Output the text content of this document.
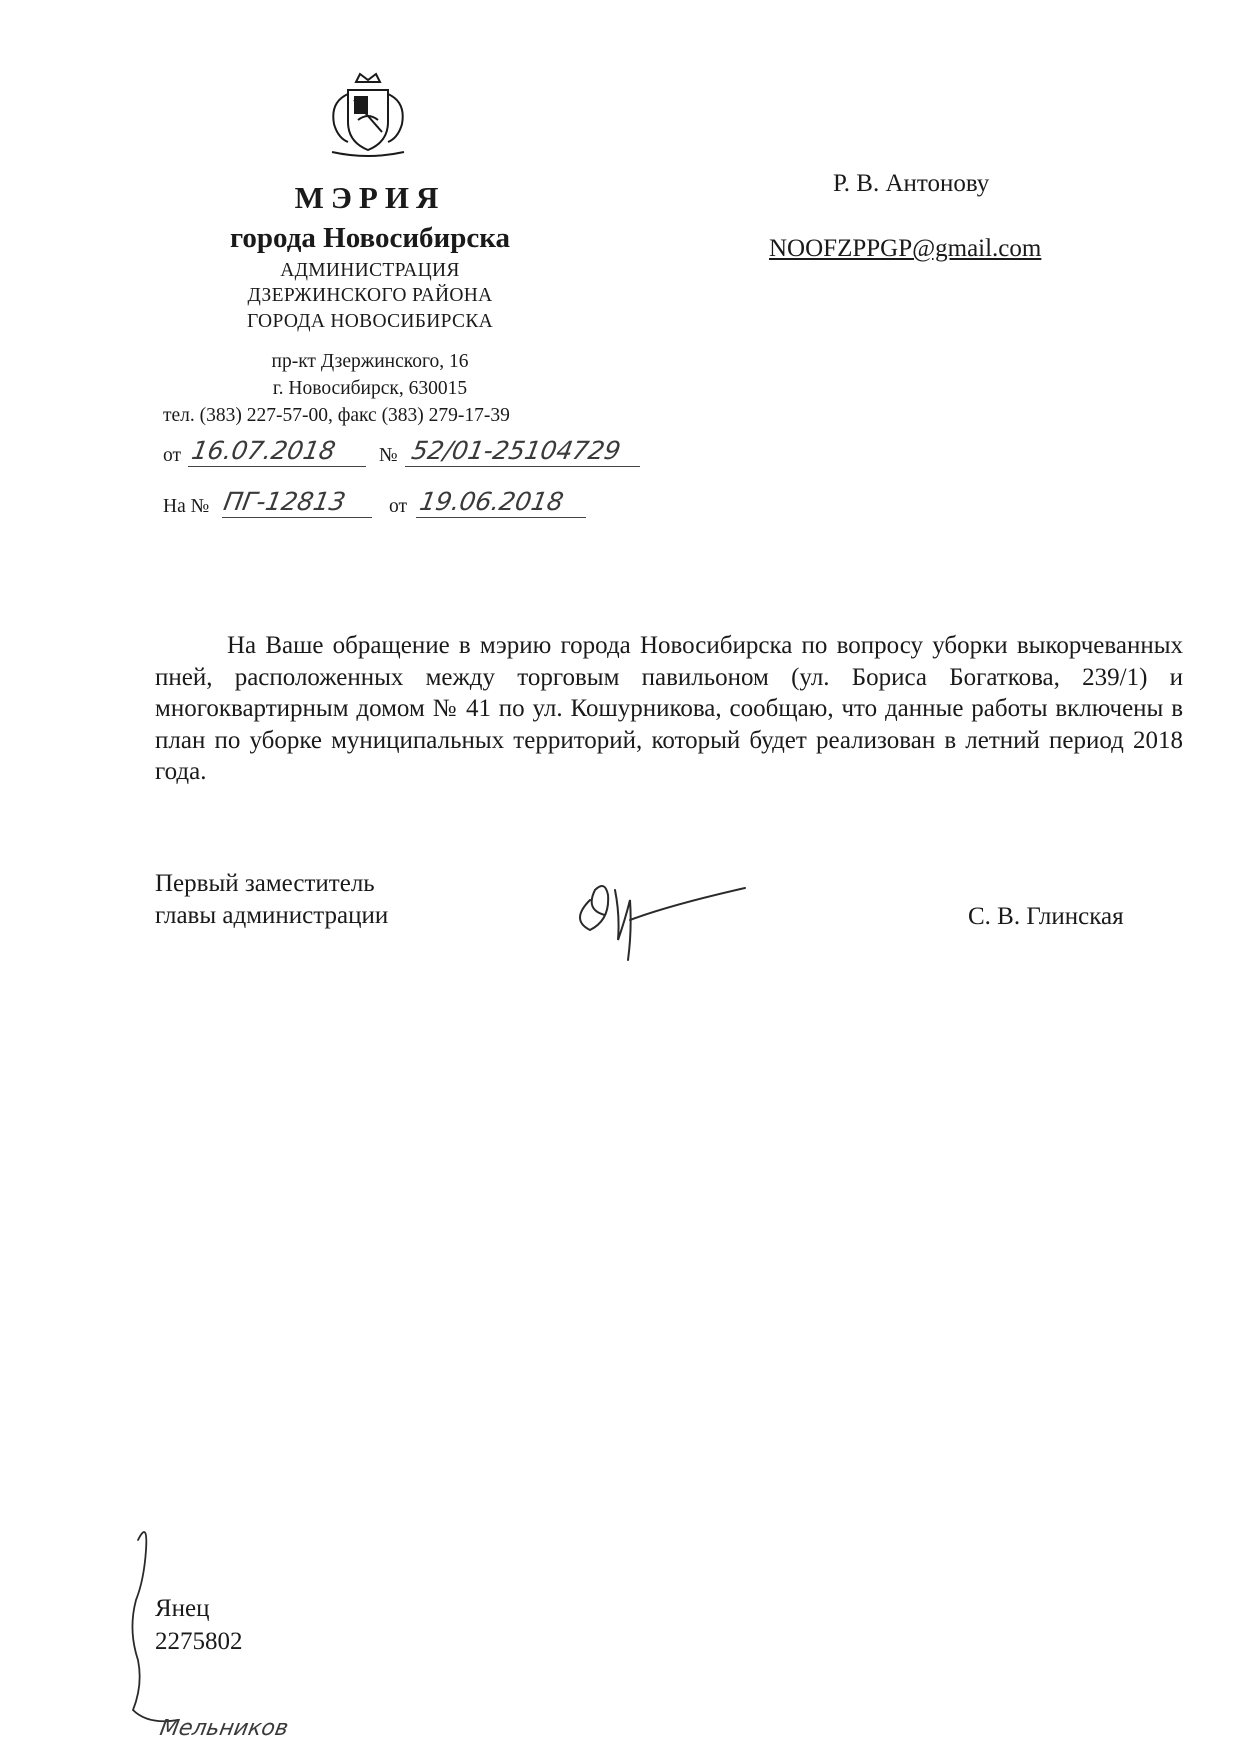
МЭРИЯ
города Новосибирска
АДМИНИСТРАЦИЯ
ДЗЕРЖИНСКОГО РАЙОНА
ГОРОДА НОВОСИБИРСКА
пр-кт Дзержинского, 16
г. Новосибирск, 630015
тел. (383) 227-57-00, факс (383) 279-17-39
от 16.07.2018 № 52/01-25104729
На № ПГ-12813 от 19.06.2018
Р. В. Антонову
NOOFZPPGP@gmail.com

На Ваше обращение в мэрию города Новосибирска по вопросу уборки выкорчеванных пней, расположенных между торговым павильоном (ул. Бориса Богаткова, 239/1) и многоквартирным домом № 41 по ул. Кошурникова, сообщаю, что данные работы включены в план по уборке муниципальных территорий, который будет реализован в летний период 2018 года.

Первый заместитель
главы администрации	С. В. Глинская
Янец
2275802
Мельников
